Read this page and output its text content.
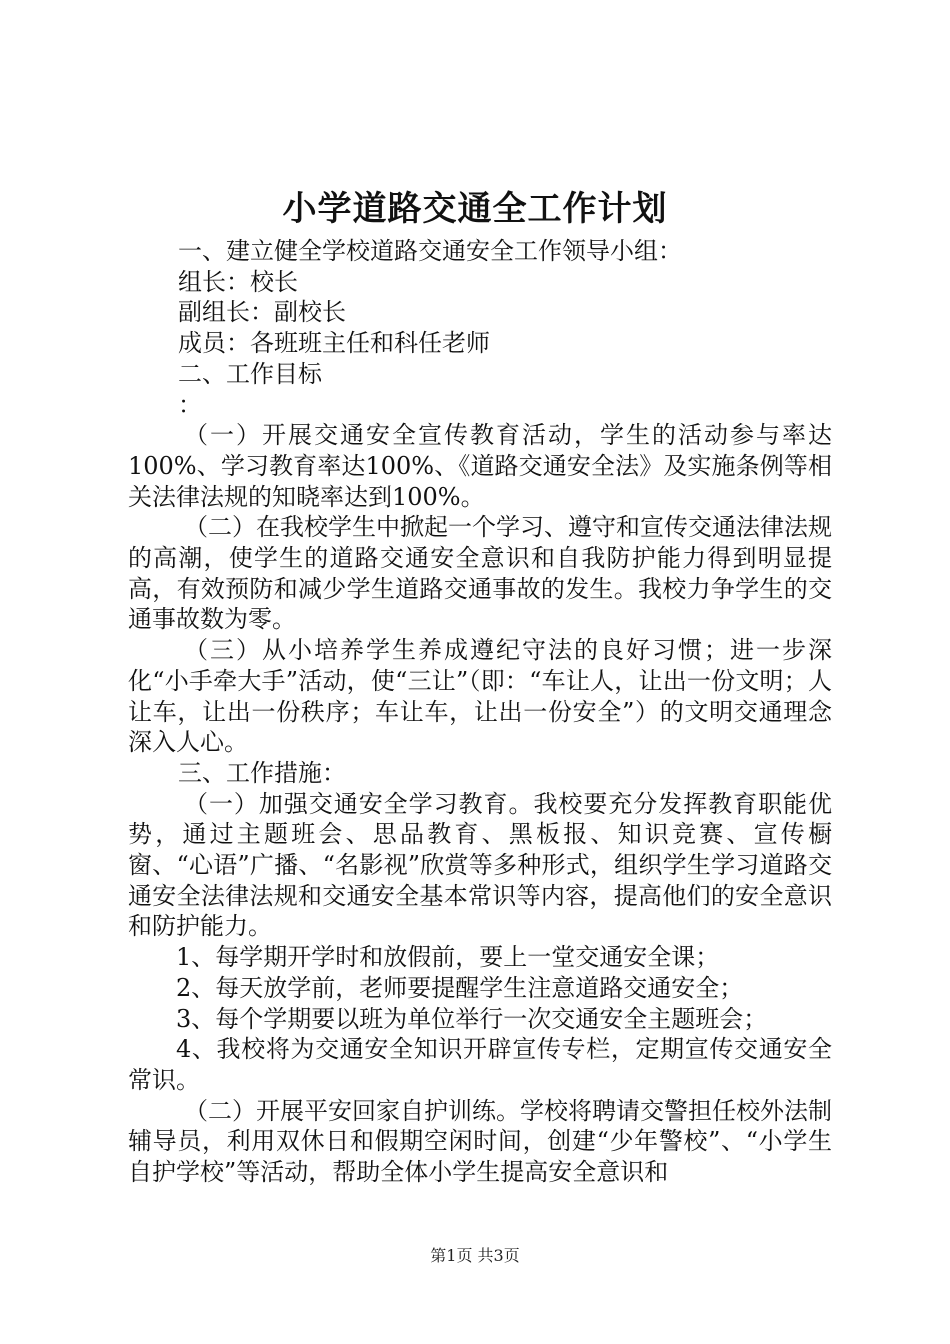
小学道路交通全工作计划

一、建立健全学校道路交通安全工作领导小组：

组长：校长

副组长：副校长

成员：各班班主任和科任老师

二、工作目标

：

（一）开展交通安全宣传教育活动，学生的活动参与率达100%、学习教育率达100%、《道路交通安全法》及实施条例等相关法律法规的知晓率达到100%。

（二）在我校学生中掀起一个学习、遵守和宣传交通法律法规的高潮，使学生的道路交通安全意识和自我防护能力得到明显提高，有效预防和减少学生道路交通事故的发生。我校力争学生的交通事故数为零。

（三）从小培养学生养成遵纪守法的良好习惯；进一步深化“小手牵大手”活动，使“三让”（即：“车让人，让出一份文明；人让车，让出一份秩序；车让车，让出一份安全”）的文明交通理念深入人心。

三、工作措施：

（一）加强交通安全学习教育。我校要充分发挥教育职能优势，通过主题班会、思品教育、黑板报、知识竞赛、宣传橱窗、“心语”广播、“名影视”欣赏等多种形式，组织学生学习道路交通安全法律法规和交通安全基本常识等内容，提高他们的安全意识和防护能力。

1、每学期开学时和放假前，要上一堂交通安全课；

2、每天放学前，老师要提醒学生注意道路交通安全；

3、每个学期要以班为单位举行一次交通安全主题班会；

4、我校将为交通安全知识开辟宣传专栏，定期宣传交通安全常识。

（二）开展平安回家自护训练。学校将聘请交警担任校外法制辅导员，利用双休日和假期空闲时间，创建“少年警校”、“小学生自护学校”等活动，帮助全体小学生提高安全意识和

第1页 共3页
